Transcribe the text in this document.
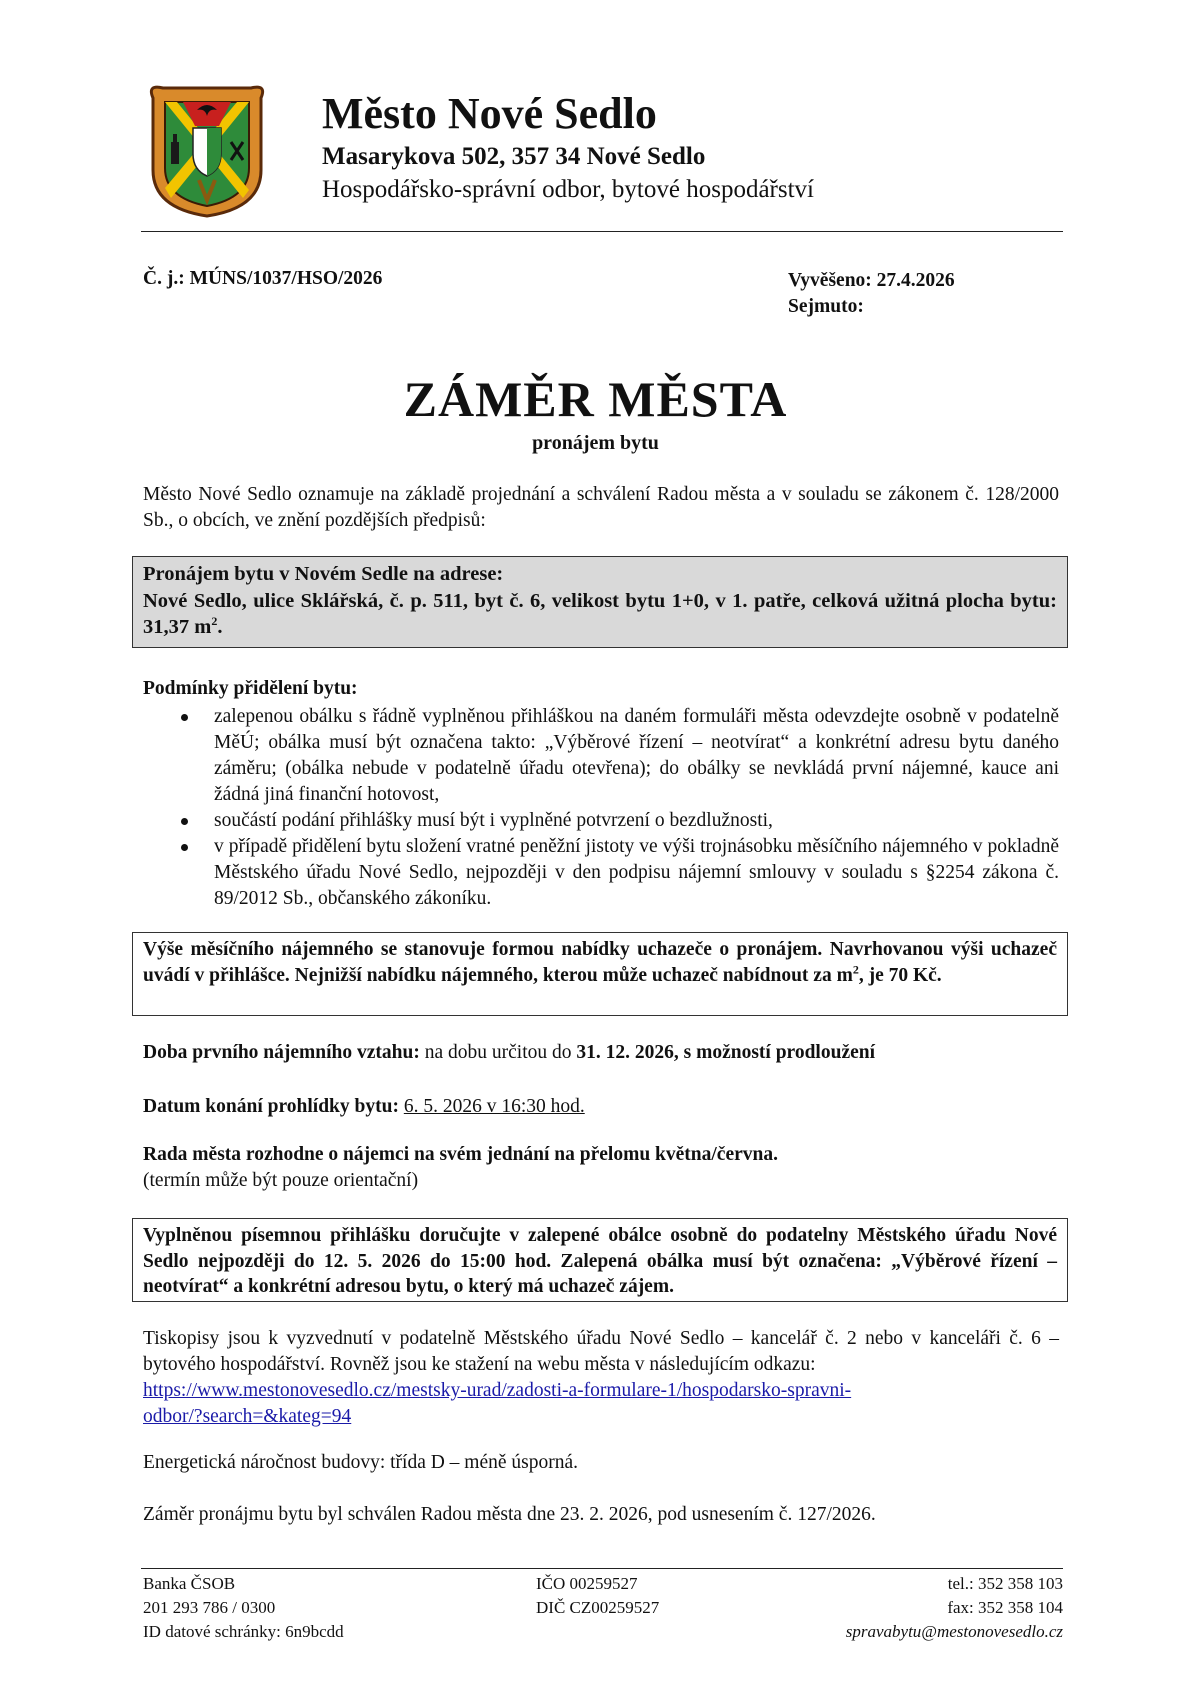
Město Nové Sedlo
Masarykova 502, 357 34 Nové Sedlo
Hospodářsko-správní odbor, bytové hospodářství
Č. j.: MÚNS/1037/HSO/2026	Vyvěšeno: 27.4.2026
Sejmuto:
ZÁMĚR MĚSTA
pronájem bytu
Město Nové Sedlo oznamuje na základě projednání a schválení Radou města a v souladu se zákonem č. 128/2000 Sb., o obcích, ve znění pozdějších předpisů:
Pronájem bytu v Novém Sedle na adrese:
Nové Sedlo, ulice Sklářská, č. p. 511, byt č. 6, velikost bytu 1+0, v 1. patře, celková užitná plocha bytu: 31,37 $m^2$.
Podmínky přidělení bytu:
zalepenou obálku s řádně vyplněnou přihláškou na daném formuláři města odevzdejte osobně v podatelně MěÚ; obálka musí být označena takto: „Výběrové řízení – neotvírat“ a konkrétní adresu bytu daného záměru; (obálka nebude v podatelně úřadu otevřena); do obálky se nevkládá první nájemné, kauce ani žádná jiná finanční hotovost,
součástí podání přihlášky musí být i vyplněné potvrzení o bezdlužnosti,
v případě přidělení bytu složení vratné peněžní jistoty ve výši trojnásobku měsíčního nájemného v pokladně Městského úřadu Nové Sedlo, nejpozději v den podpisu nájemní smlouvy v souladu s §2254 zákona č. 89/2012 Sb., občanského zákoníku.
Výše měsíčního nájemného se stanovuje formou nabídky uchazeče o pronájem. Navrhovanou výši uchazeč uvádí v přihlášce. Nejnižší nabídku nájemného, kterou může uchazeč nabídnout za $m^2$, je 70 Kč.
Doba prvního nájemního vztahu: na dobu určitou do 31. 12. 2026, s možností prodloužení
Datum konání prohlídky bytu: 6. 5. 2026 v 16:30 hod.
Rada města rozhodne o nájemci na svém jednání na přelomu května/června.
(termín může být pouze orientační)
Vyplněnou písemnou přihlášku doručujte v zalepené obálce osobně do podatelny Městského úřadu Nové Sedlo nejpozději do 12. 5. 2026 do 15:00 hod. Zalepená obálka musí být označena: „Výběrové řízení – neotvírat“ a konkrétní adresou bytu, o který má uchazeč zájem.
Tiskopisy jsou k vyzvednutí v podatelně Městského úřadu Nové Sedlo – kancelář č. 2 nebo v kanceláři č. 6 – bytového hospodářství. Rovněž jsou ke stažení na webu města v následujícím odkazu:
https://www.mestonovesedlo.cz/mestsky-urad/zadosti-a-formulare-1/hospodarsko-spravni-
odbor/?search=&kateg=94
Energetická náročnost budovy: třída D – méně úsporná.
Záměr pronájmu bytu byl schválen Radou města dne 23. 2. 2026, pod usnesením č. 127/2026.
Banka ČSOB
201 293 786 / 0300
ID datové schránky: 6n9bcdd
IČO 00259527
DIČ CZ00259527
tel.: 352 358 103
fax: 352 358 104
spravabytu@mestonovesedlo.cz
